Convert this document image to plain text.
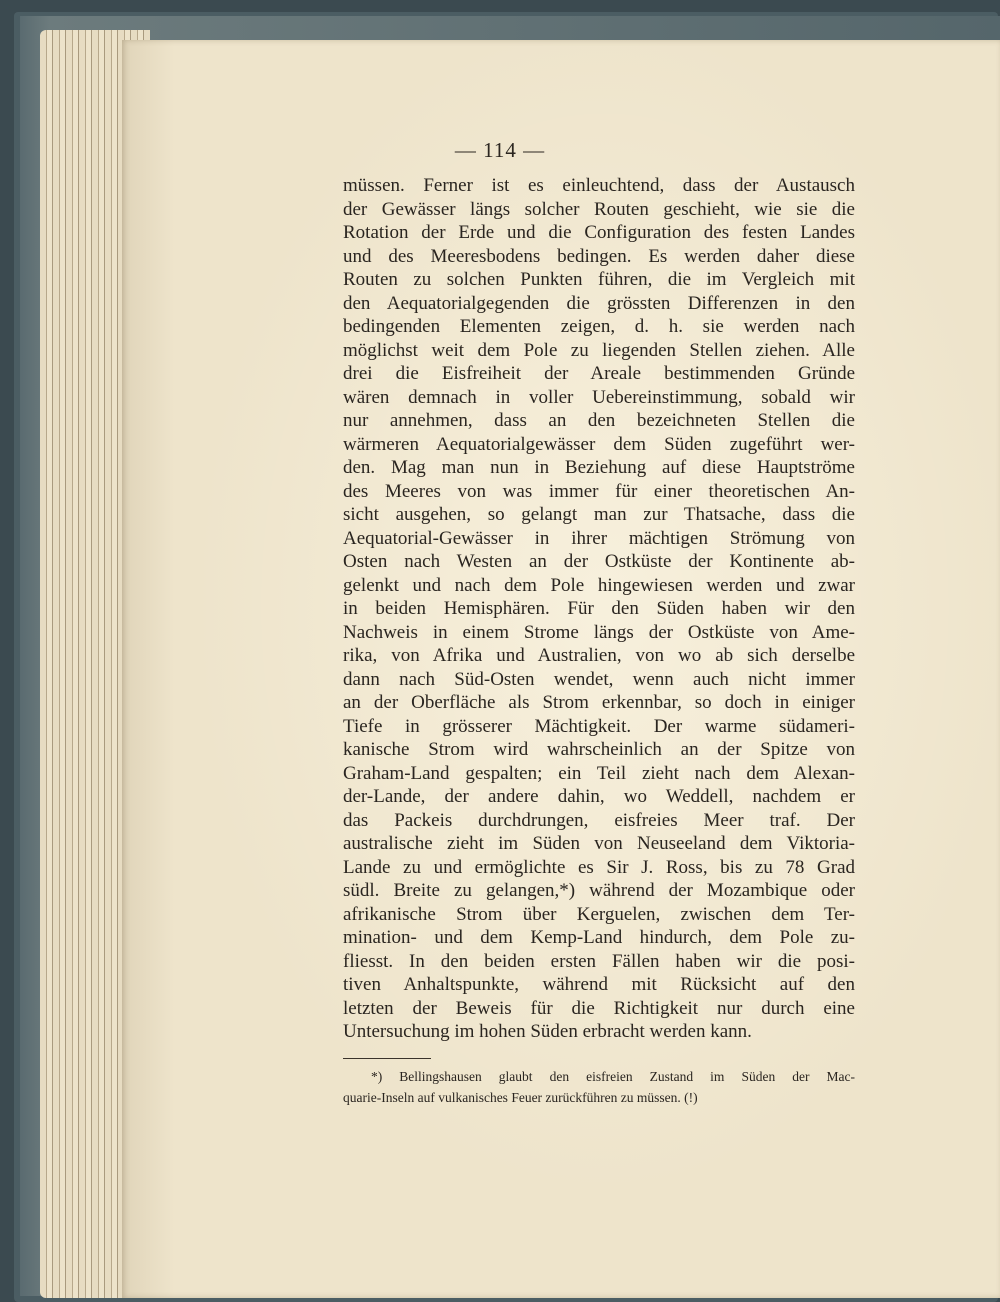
— 114 —
müssen. Ferner ist es einleuchtend, dass der Austausch
der Gewässer längs solcher Routen geschieht, wie sie die
Rotation der Erde und die Configuration des festen Landes
und des Meeresbodens bedingen. Es werden daher diese
Routen zu solchen Punkten führen, die im Vergleich mit
den Aequatorialgegenden die grössten Differenzen in den
bedingenden Elementen zeigen, d. h. sie werden nach
möglichst weit dem Pole zu liegenden Stellen ziehen. Alle
drei die Eisfreiheit der Areale bestimmenden Gründe
wären demnach in voller Uebereinstimmung, sobald wir
nur annehmen, dass an den bezeichneten Stellen die
wärmeren Aequatorialgewässer dem Süden zugeführt wer-
den. Mag man nun in Beziehung auf diese Hauptströme
des Meeres von was immer für einer theoretischen An-
sicht ausgehen, so gelangt man zur Thatsache, dass die
Aequatorial-Gewässer in ihrer mächtigen Strömung von
Osten nach Westen an der Ostküste der Kontinente ab-
gelenkt und nach dem Pole hingewiesen werden und zwar
in beiden Hemisphären. Für den Süden haben wir den
Nachweis in einem Strome längs der Ostküste von Ame-
rika, von Afrika und Australien, von wo ab sich derselbe
dann nach Süd-Osten wendet, wenn auch nicht immer
an der Oberfläche als Strom erkennbar, so doch in einiger
Tiefe in grösserer Mächtigkeit. Der warme südameri-
kanische Strom wird wahrscheinlich an der Spitze von
Graham-Land gespalten; ein Teil zieht nach dem Alexan-
der-Lande, der andere dahin, wo Weddell, nachdem er
das Packeis durchdrungen, eisfreies Meer traf. Der
australische zieht im Süden von Neuseeland dem Viktoria-
Lande zu und ermöglichte es Sir J. Ross, bis zu 78 Grad
südl. Breite zu gelangen,*) während der Mozambique oder
afrikanische Strom über Kerguelen, zwischen dem Ter-
mination- und dem Kemp-Land hindurch, dem Pole zu-
fliesst. In den beiden ersten Fällen haben wir die posi-
tiven Anhaltspunkte, während mit Rücksicht auf den
letzten der Beweis für die Richtigkeit nur durch eine
Untersuchung im hohen Süden erbracht werden kann.
*) Bellingshausen glaubt den eisfreien Zustand im Süden der Mac-
quarie-Inseln auf vulkanisches Feuer zurückführen zu müssen. (!)
